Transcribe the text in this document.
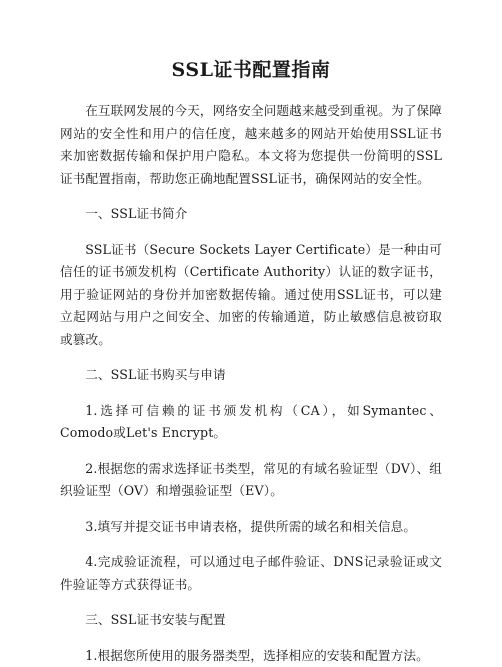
SSL证书配置指南

在互联网发展的今天，网络安全问题越来越受到重视。为了保障网站的安全性和用户的信任度，越来越多的网站开始使用SSL证书来加密数据传输和保护用户隐私。本文将为您提供一份简明的SSL证书配置指南，帮助您正确地配置SSL证书，确保网站的安全性。

一、SSL证书简介

SSL证书（Secure Sockets Layer Certificate）是一种由可信任的证书颁发机构（Certificate Authority）认证的数字证书，用于验证网站的身份并加密数据传输。通过使用SSL证书，可以建立起网站与用户之间安全、加密的传输通道，防止敏感信息被窃取或篡改。

二、SSL证书购买与申请

1.选择可信赖的证书颁发机构（CA），如Symantec、Comodo或Let's Encrypt。

2.根据您的需求选择证书类型，常见的有域名验证型（DV）、组织验证型（OV）和增强验证型（EV）。

3.填写并提交证书申请表格，提供所需的域名和相关信息。

4.完成验证流程，可以通过电子邮件验证、DNS记录验证或文件验证等方式获得证书。

三、SSL证书安装与配置

1.根据您所使用的服务器类型，选择相应的安装和配置方法。
